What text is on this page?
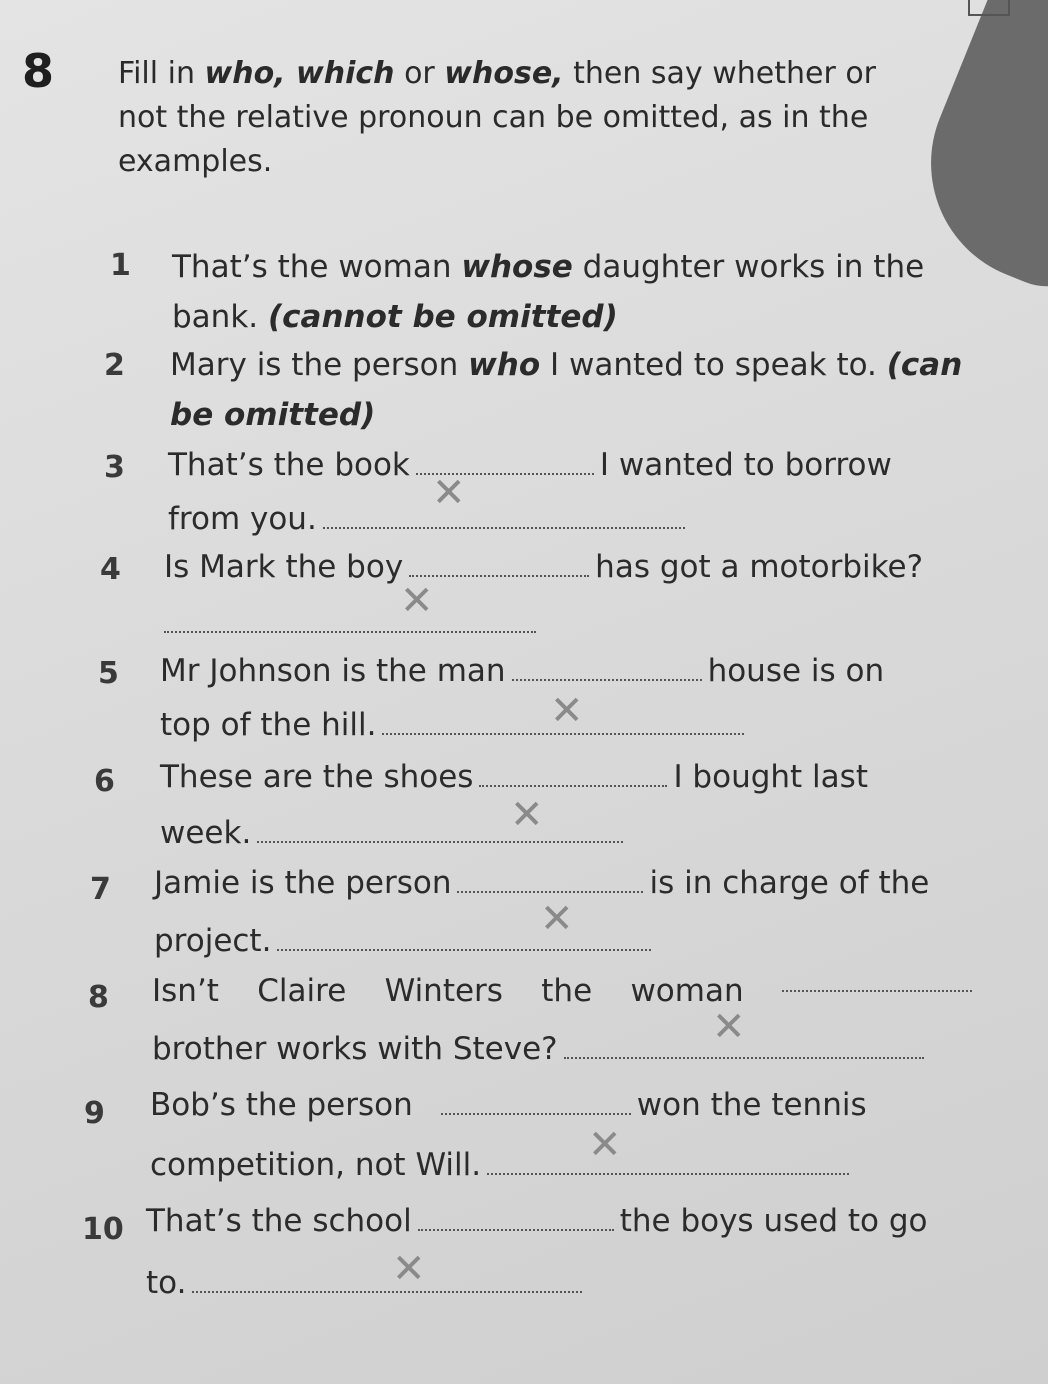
8 Fill in who, which or whose, then say whether or not the relative pronoun can be omitted, as in the examples.
1 That’s the woman whose daughter works in the
bank. (cannot be omitted)
2 Mary is the person who I wanted to speak to. (can
be omitted)
3 That’s the book	I wanted to borrow
from you.
✕
4 Is Mark the boy	has got a motorbike?
✕
5 Mr Johnson is the man	house is on
top of the hill.	✕
6 These are the shoes	I bought last
week.	✕
7 Jamie is the person	is in charge of the
project.	✕
8 Isn’t Claire Winters the woman
brother works with Steve?	✕
9 Bob’s the person	won the tennis
competition, not Will.	✕
10 That’s the school	the boys used to go
to.	✕
